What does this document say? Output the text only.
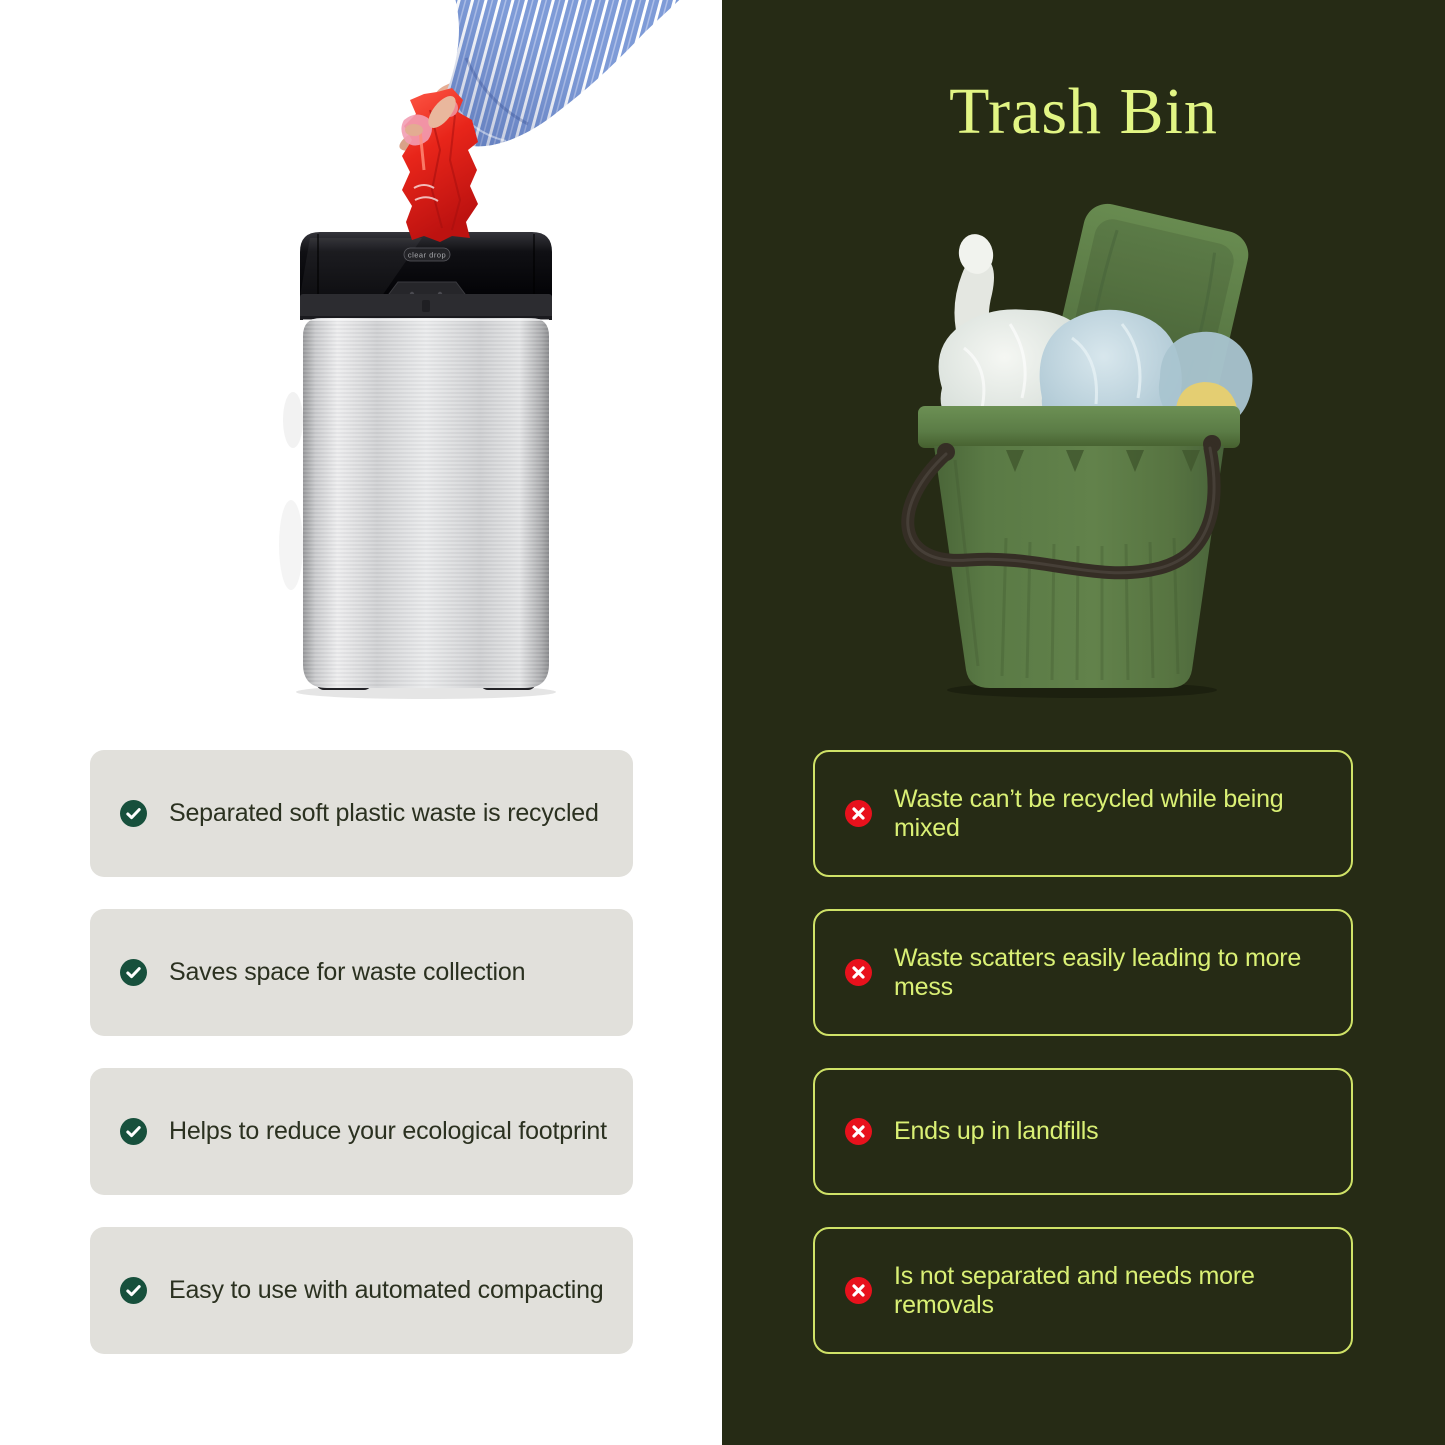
clear drop
Separated soft plastic waste is recycled
Saves space for waste collection
Helps to reduce your ecological footprint
Easy to use with automated compacting
Trash Bin
Waste can’t be recycled while being mixed
Waste scatters easily leading to more mess
Ends up in landfills
Is not separated and needs more removals
